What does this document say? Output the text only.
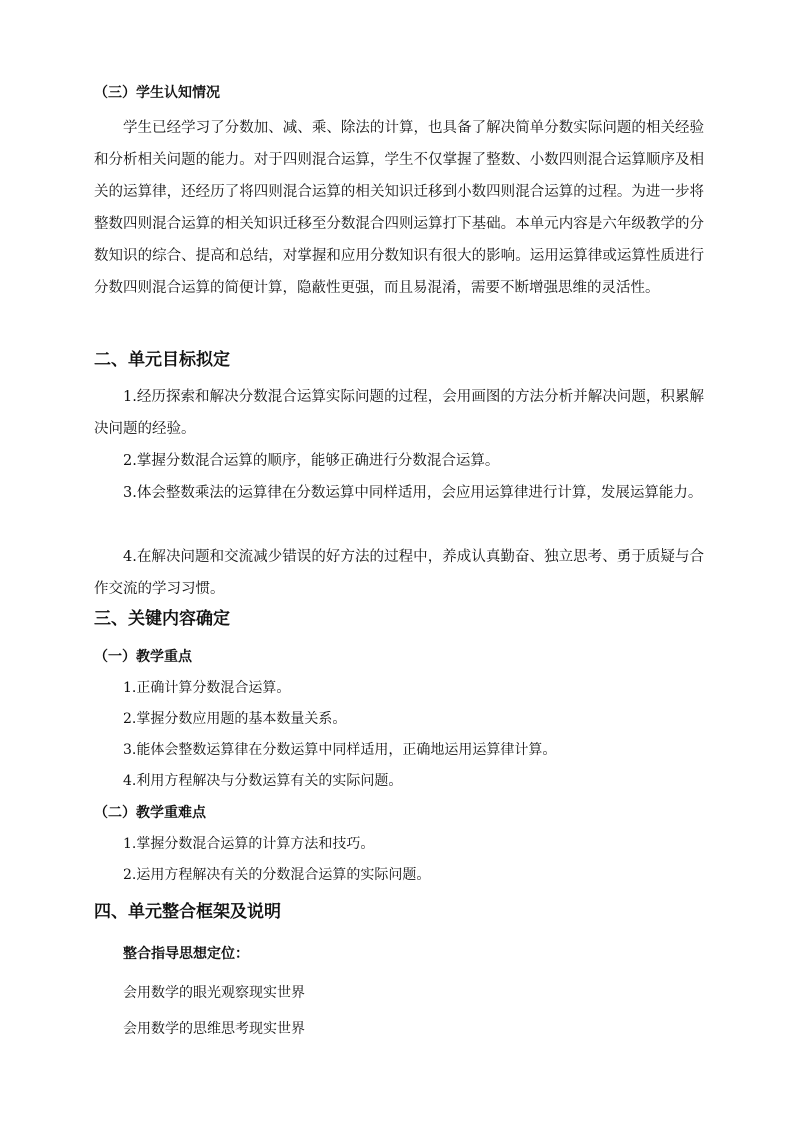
（三）学生认知情况

学生已经学习了分数加、减、乘、除法的计算，也具备了解决简单分数实际问题的相关经验和分析相关问题的能力。对于四则混合运算，学生不仅掌握了整数、小数四则混合运算顺序及相关的运算律，还经历了将四则混合运算的相关知识迁移到小数四则混合运算的过程。为进一步将整数四则混合运算的相关知识迁移至分数混合四则运算打下基础。本单元内容是六年级教学的分数知识的综合、提高和总结，对掌握和应用分数知识有很大的影响。运用运算律或运算性质进行分数四则混合运算的简便计算，隐蔽性更强，而且易混淆，需要不断增强思维的灵活性。

二、单元目标拟定

1.经历探索和解决分数混合运算实际问题的过程，会用画图的方法分析并解决问题，积累解决问题的经验。

2.掌握分数混合运算的顺序，能够正确进行分数混合运算。

3.体会整数乘法的运算律在分数运算中同样适用，会应用运算律进行计算，发展运算能力。

4.在解决问题和交流减少错误的好方法的过程中，养成认真勤奋、独立思考、勇于质疑与合作交流的学习习惯。

三、关键内容确定
（一）教学重点
1.正确计算分数混合运算。
2.掌握分数应用题的基本数量关系。
3.能体会整数运算律在分数运算中同样适用，正确地运用运算律计算。
4.利用方程解决与分数运算有关的实际问题。
（二）教学重难点
1.掌握分数混合运算的计算方法和技巧。
2.运用方程解决有关的分数混合运算的实际问题。
四、单元整合框架及说明
整合指导思想定位：
会用数学的眼光观察现实世界
会用数学的思维思考现实世界
